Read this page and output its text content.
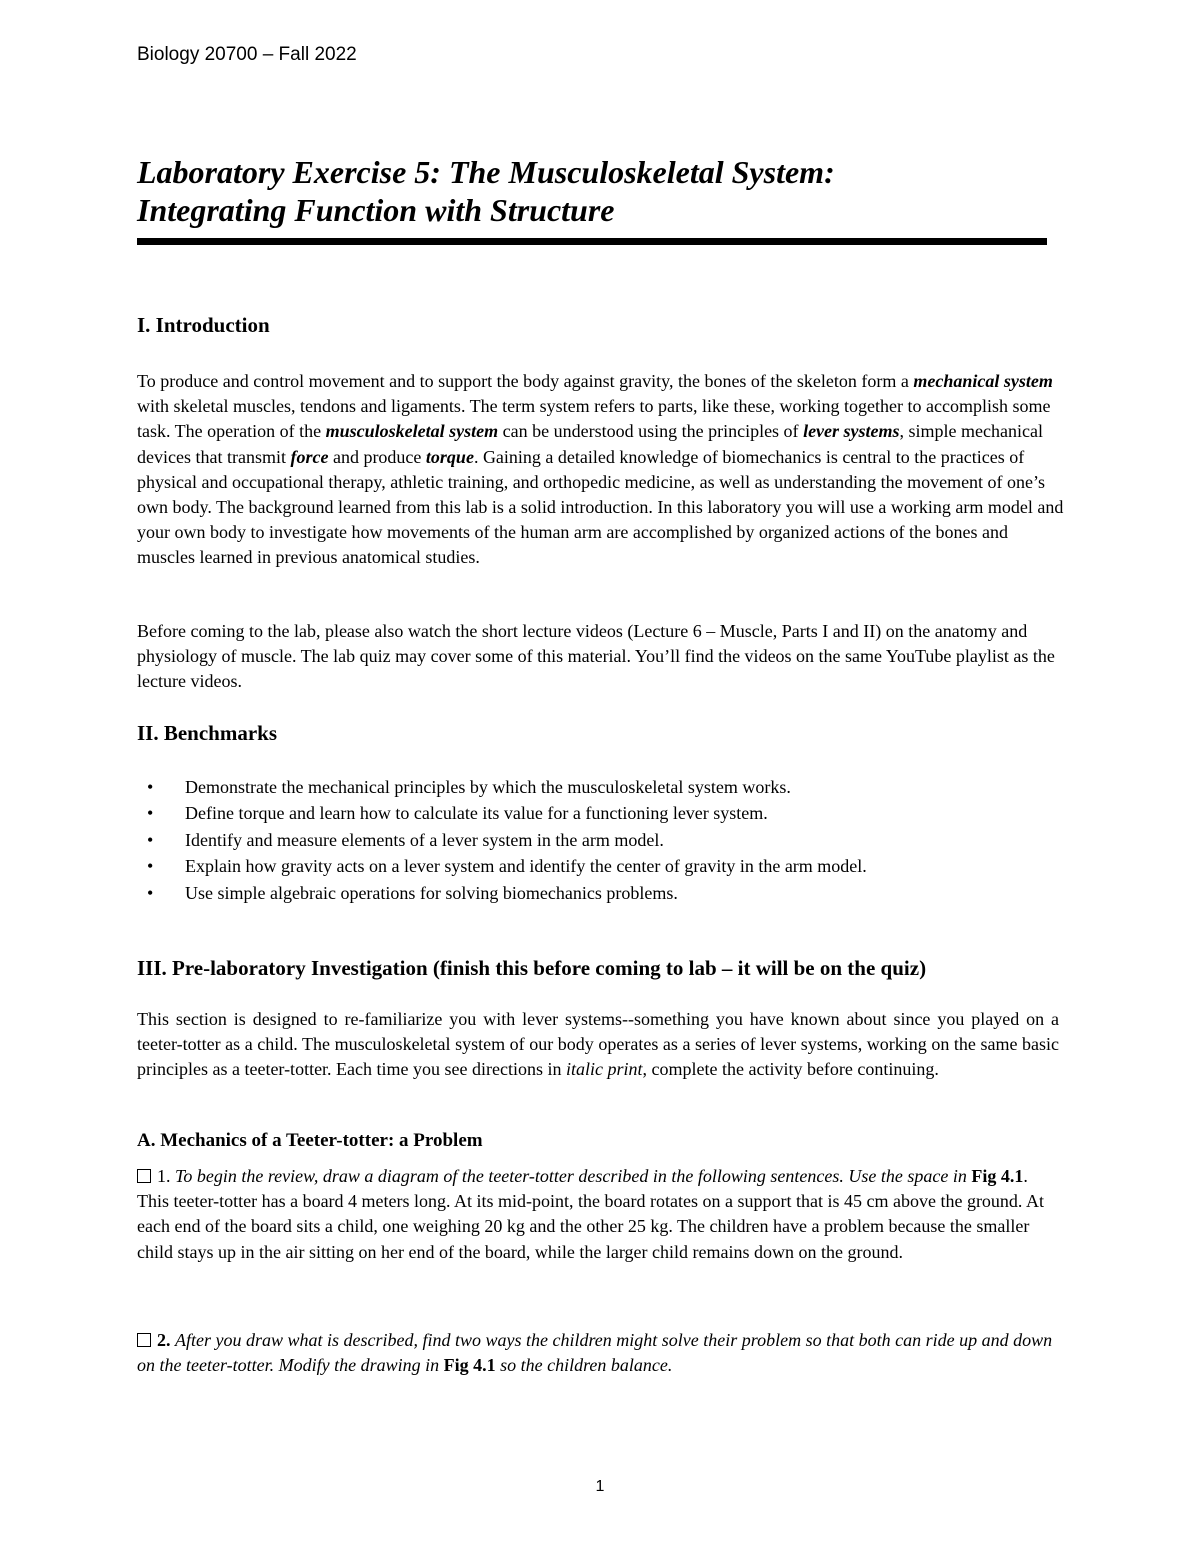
Biology 20700 – Fall 2022
Laboratory Exercise 5: The Musculoskeletal System:
Integrating Function with Structure
I. Introduction
To produce and control movement and to support the body against gravity, the bones of the skeleton form a mechanical system with skeletal muscles, tendons and ligaments. The term system refers to parts, like these, working together to accomplish some task. The operation of the musculoskeletal system can be understood using the principles of lever systems, simple mechanical devices that transmit force and produce torque. Gaining a detailed knowledge of biomechanics is central to the practices of physical and occupational therapy, athletic training, and orthopedic medicine, as well as understanding the movement of one’s own body. The background learned from this lab is a solid introduction. In this laboratory you will use a working arm model and your own body to investigate how movements of the human arm are accomplished by organized actions of the bones and muscles learned in previous anatomical studies.
Before coming to the lab, please also watch the short lecture videos (Lecture 6 – Muscle, Parts I and II) on the anatomy and physiology of muscle. The lab quiz may cover some of this material. You’ll find the videos on the same YouTube playlist as the lecture videos.
II. Benchmarks
• Demonstrate the mechanical principles by which the musculoskeletal system works.
• Define torque and learn how to calculate its value for a functioning lever system.
• Identify and measure elements of a lever system in the arm model.
• Explain how gravity acts on a lever system and identify the center of gravity in the arm model.
• Use simple algebraic operations for solving biomechanics problems.
III. Pre-laboratory Investigation (finish this before coming to lab – it will be on the quiz)
This section is designed to re-familiarize you with lever systems--something you have known about since you played on a teeter-totter as a child. The musculoskeletal system of our body operates as a series of lever systems, working on the same basic principles as a teeter-totter. Each time you see directions in italic print, complete the activity before continuing.
A. Mechanics of a Teeter-totter: a Problem
1. To begin the review, draw a diagram of the teeter-totter described in the following sentences. Use the space in Fig 4.1. This teeter-totter has a board 4 meters long. At its mid-point, the board rotates on a support that is 45 cm above the ground. At each end of the board sits a child, one weighing 20 kg and the other 25 kg. The children have a problem because the smaller child stays up in the air sitting on her end of the board, while the larger child remains down on the ground.
2. After you draw what is described, find two ways the children might solve their problem so that both can ride up and down on the teeter-totter. Modify the drawing in Fig 4.1 so the children balance.
1
